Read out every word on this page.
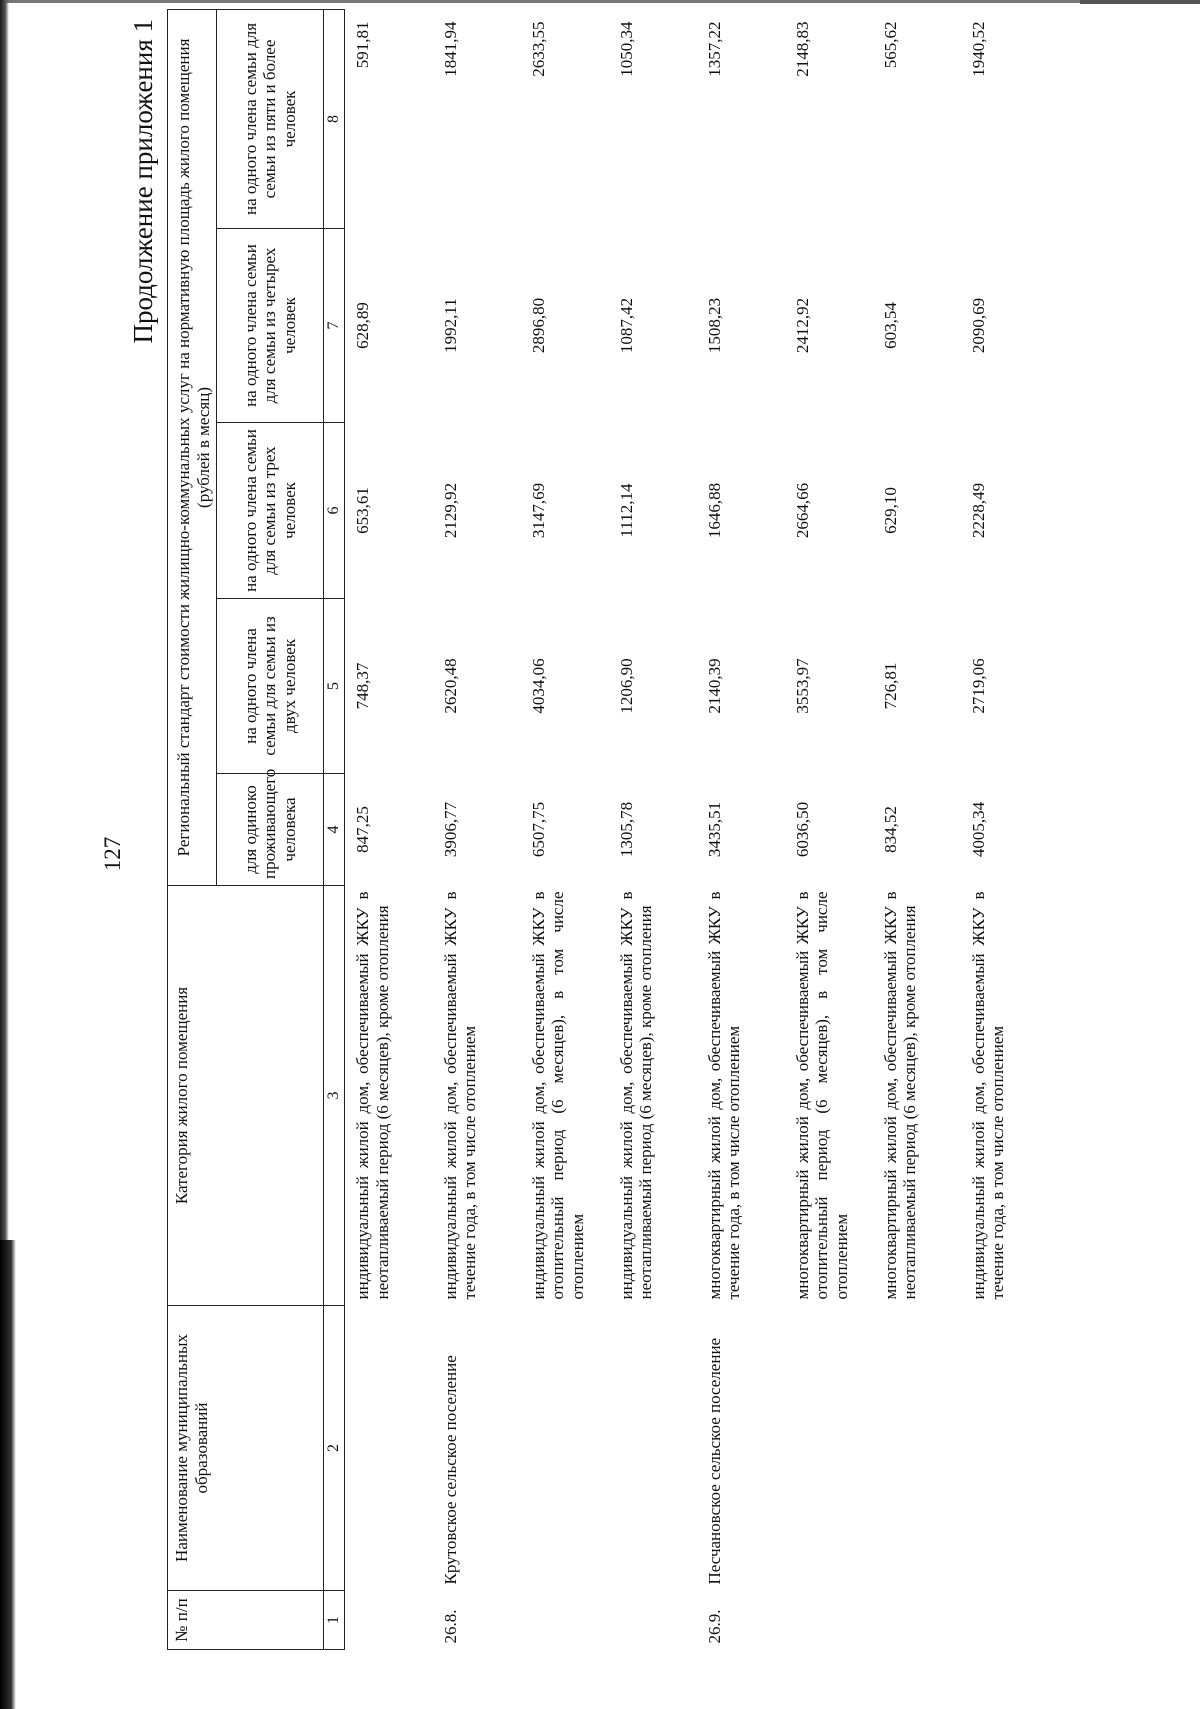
127
Продолжение приложения 1
№ п/п	Наименование муниципальных образований	Категория жилого помещения	Региональный стандарт стоимости жилищно-коммунальных услуг на нормативную площадь жилого помещения (рублей в месяц)				
			для одиноко проживающего человека	на одного члена семьи для семьи из двух человек	на одного члена семьи для семьи из трех человек	на одного члена семьи для семьи из четырех человек	на одного члена семьи для семьи из пяти и более человек
1	2	3	4	5	6	7	8
		индивидуальный жилой дом, обеспечиваемый ЖКУ в неотапливаемый период (6 месяцев), кроме отопления	847,25	748,37	653,61	628,89	591,81
26.8.	Крутовское сельское поселение	индивидуальный жилой дом, обеспечиваемый ЖКУ в течение года, в том числе отоплением	3906,77	2620,48	2129,92	1992,11	1841,94
		индивидуальный жилой дом, обеспечиваемый ЖКУ в отопительный период (6 месяцев), в том числе отоплением	6507,75	4034,06	3147,69	2896,80	2633,55
		индивидуальный жилой дом, обеспечиваемый ЖКУ в неотапливаемый период (6 месяцев), кроме отопления	1305,78	1206,90	1112,14	1087,42	1050,34
26.9.	Песчановское сельское поселение	многоквартирный жилой дом, обеспечиваемый ЖКУ в течение года, в том числе отоплением	3435,51	2140,39	1646,88	1508,23	1357,22
		многоквартирный жилой дом, обеспечиваемый ЖКУ в отопительный период (6 месяцев), в том числе отоплением	6036,50	3553,97	2664,66	2412,92	2148,83
		многоквартирный жилой дом, обеспечиваемый ЖКУ в неотапливаемый период (6 месяцев), кроме отопления	834,52	726,81	629,10	603,54	565,62
		индивидуальный жилой дом, обеспечиваемый ЖКУ в течение года, в том числе отоплением	4005,34	2719,06	2228,49	2090,69	1940,52
